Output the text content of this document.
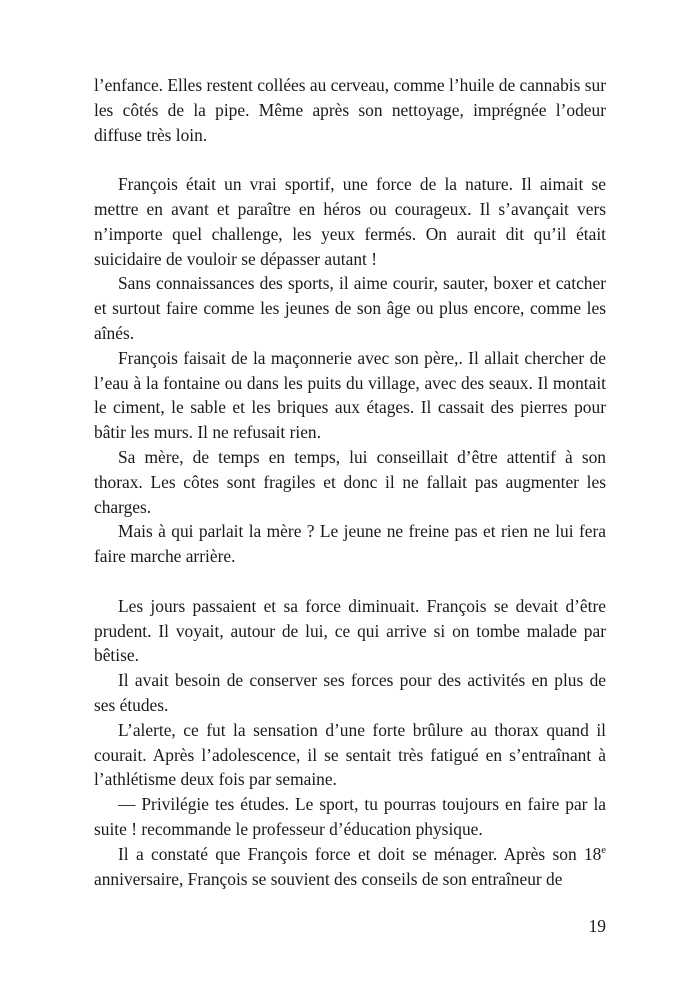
l’enfance. Elles restent collées au cerveau, comme l’huile de cannabis sur les côtés de la pipe. Même après son nettoyage, imprégnée l’odeur diffuse très loin.

François était un vrai sportif, une force de la nature. Il aimait se mettre en avant et paraître en héros ou courageux. Il s’avançait vers n’importe quel challenge, les yeux fermés. On aurait dit qu’il était suicidaire de vouloir se dépasser autant !

Sans connaissances des sports, il aime courir, sauter, boxer et catcher et surtout faire comme les jeunes de son âge ou plus encore, comme les aînés.

François faisait de la maçonnerie avec son père,. Il allait chercher de l’eau à la fontaine ou dans les puits du village, avec des seaux. Il montait le ciment, le sable et les briques aux étages. Il cassait des pierres pour bâtir les murs. Il ne refusait rien.

Sa mère, de temps en temps, lui conseillait d’être attentif à son thorax. Les côtes sont fragiles et donc il ne fallait pas augmenter les charges.

Mais à qui parlait la mère ? Le jeune ne freine pas et rien ne lui fera faire marche arrière.

Les jours passaient et sa force diminuait. François se devait d’être prudent. Il voyait, autour de lui, ce qui arrive si on tombe malade par bêtise.

Il avait besoin de conserver ses forces pour des activités en plus de ses études.

L’alerte, ce fut la sensation d’une forte brûlure au thorax quand il courait. Après l’adolescence, il se sentait très fatigué en s’entraînant à l’athlétisme deux fois par semaine.

— Privilégie tes études. Le sport, tu pourras toujours en faire par la suite ! recommande le professeur d’éducation physique.

Il a constaté que François force et doit se ménager. Après son 18e anniversaire, François se souvient des conseils de son entraîneur de

19
